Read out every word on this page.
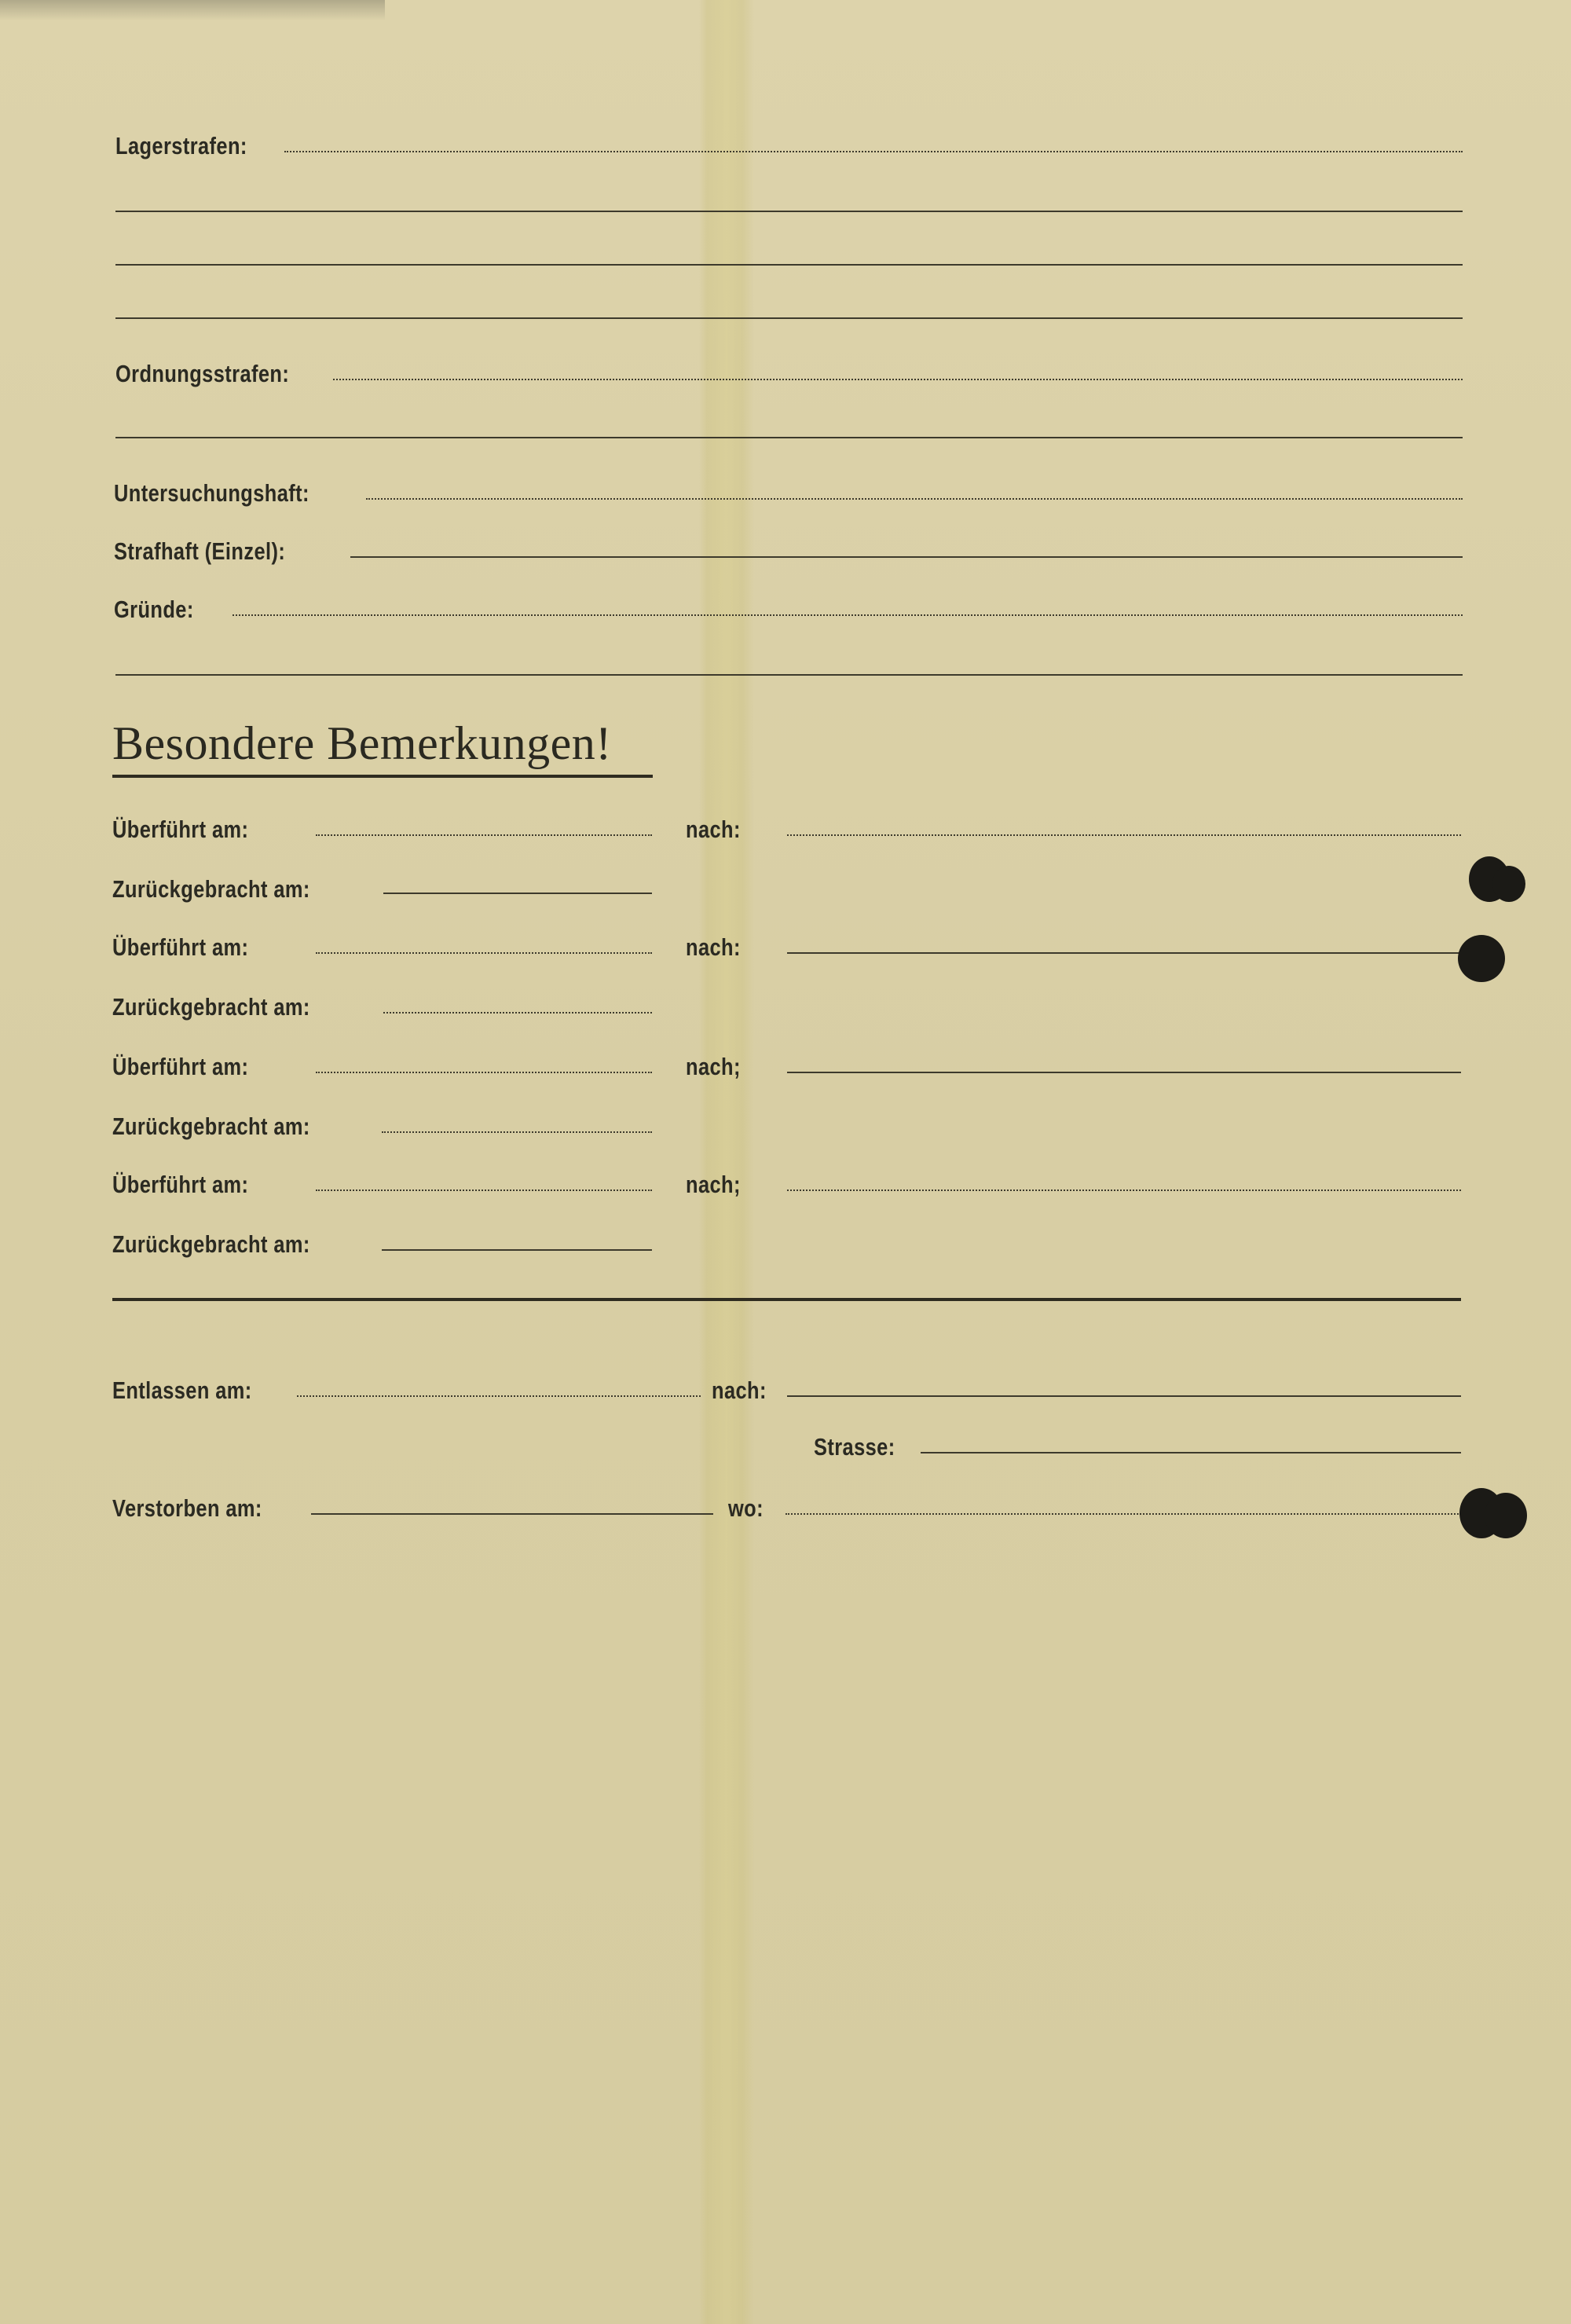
Lagerstrafen:
Ordnungsstrafen:
Untersuchungshaft:
Strafhaft (Einzel):
Gründe:
Besondere Bemerkungen!
Überführt am:	nach:
Zurückgebracht am:
Überführt am:	nach:
Zurückgebracht am:
Überführt am:	nach;
Zurückgebracht am:
Überführt am:	nach;
Zurückgebracht am:
Entlassen am:	nach:
Strasse:
Verstorben am:	wo:
